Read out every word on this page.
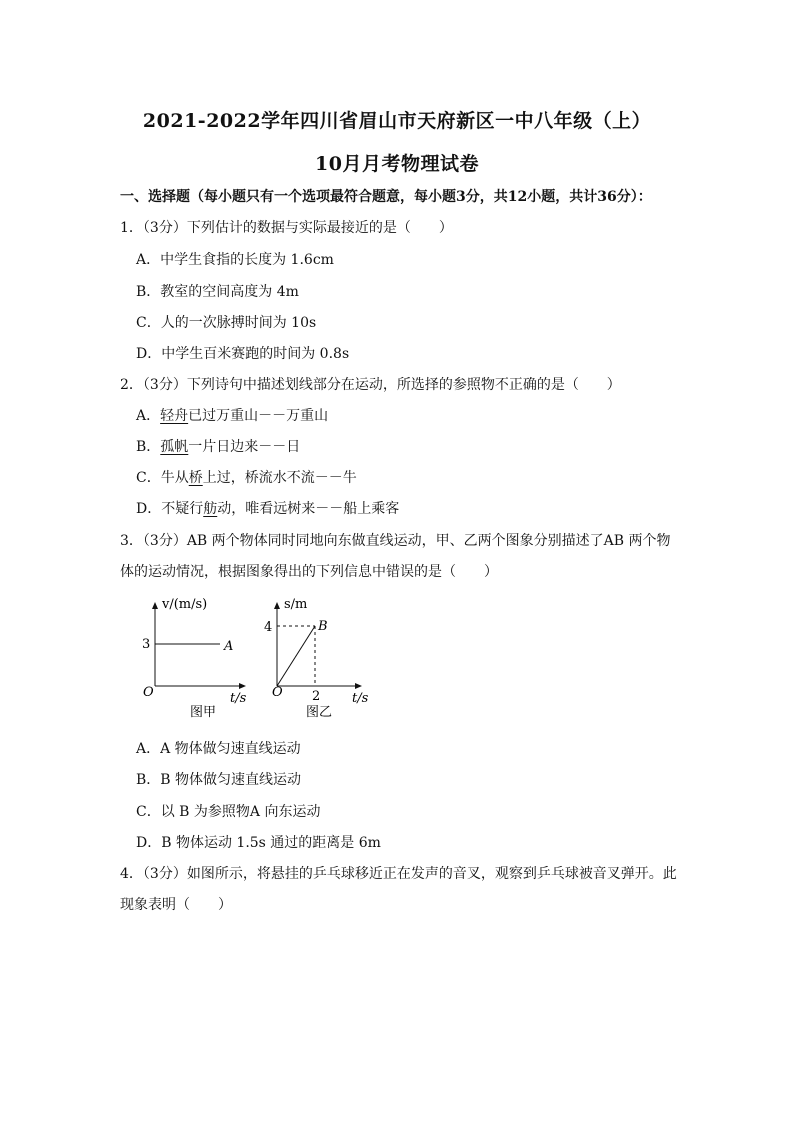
2021-2022学年四川省眉山市天府新区一中八年级（上）
10月月考物理试卷
一、选择题（每小题只有一个选项最符合题意，每小题3分，共12小题，共计36分）：
1．（3分）下列估计的数据与实际最接近的是（　　）
A．中学生食指的长度为 1.6cm
B．教室的空间高度为 4m
C．人的一次脉搏时间为 10s
D．中学生百米赛跑的时间为 0.8s
2．（3分）下列诗句中描述划线部分在运动，所选择的参照物不正确的是（　　）
A．轻舟已过万重山－－万重山
B．孤帆一片日边来－－日
C．牛从桥上过，桥流水不流－－牛
D．不疑行舫动，唯看远树来－－船上乘客
3．（3分）AB 两个物体同时同地向东做直线运动，甲、乙两个图象分别描述了AB 两个物
体的运动情况，根据图象得出的下列信息中错误的是（　　）
v/(m/s)
3	A
O	t/s
图甲
s/m
4	B
2
O	t/s
图乙
A．A 物体做匀速直线运动
B．B 物体做匀速直线运动
C．以 B 为参照物A 向东运动
D．B 物体运动 1.5s 通过的距离是 6m
4．（3分）如图所示，将悬挂的乒乓球移近正在发声的音叉，观察到乒乓球被音叉弹开。此
现象表明（　　）
